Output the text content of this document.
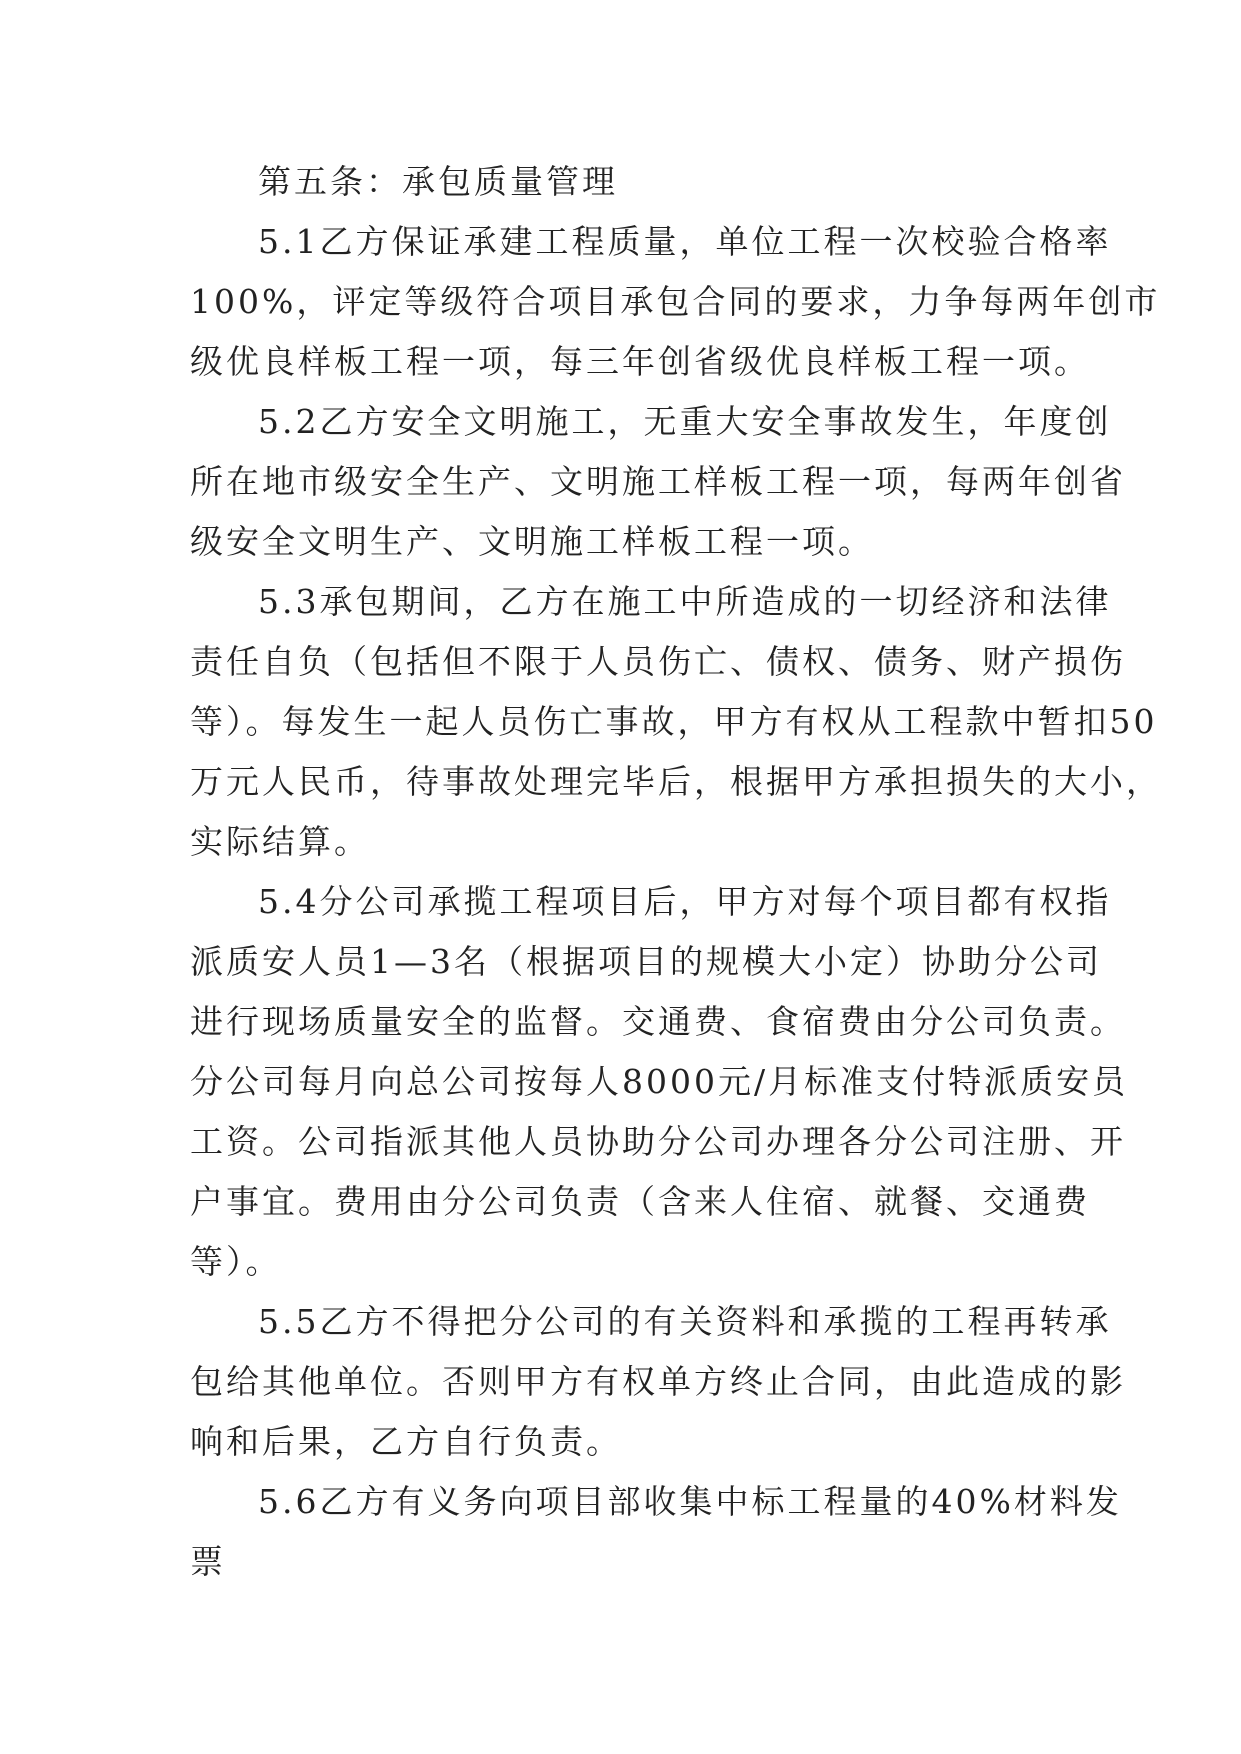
第五条：承包质量管理
5.1乙方保证承建工程质量，单位工程一次校验合格率
100%，评定等级符合项目承包合同的要求，力争每两年创市
级优良样板工程一项，每三年创省级优良样板工程一项。
5.2乙方安全文明施工，无重大安全事故发生，年度创
所在地市级安全生产、文明施工样板工程一项，每两年创省
级安全文明生产、文明施工样板工程一项。
5.3承包期间，乙方在施工中所造成的一切经济和法律
责任自负（包括但不限于人员伤亡、债权、债务、财产损伤
等）。每发生一起人员伤亡事故，甲方有权从工程款中暂扣50
万元人民币，待事故处理完毕后，根据甲方承担损失的大小，
实际结算。
5.4分公司承揽工程项目后，甲方对每个项目都有权指
派质安人员1—3名（根据项目的规模大小定）协助分公司
进行现场质量安全的监督。交通费、食宿费由分公司负责。
分公司每月向总公司按每人8000元/月标准支付特派质安员
工资。公司指派其他人员协助分公司办理各分公司注册、开
户事宜。费用由分公司负责（含来人住宿、就餐、交通费
等）。
5.5乙方不得把分公司的有关资料和承揽的工程再转承
包给其他单位。否则甲方有权单方终止合同，由此造成的影
响和后果，乙方自行负责。
5.6乙方有义务向项目部收集中标工程量的40%材料发
票
